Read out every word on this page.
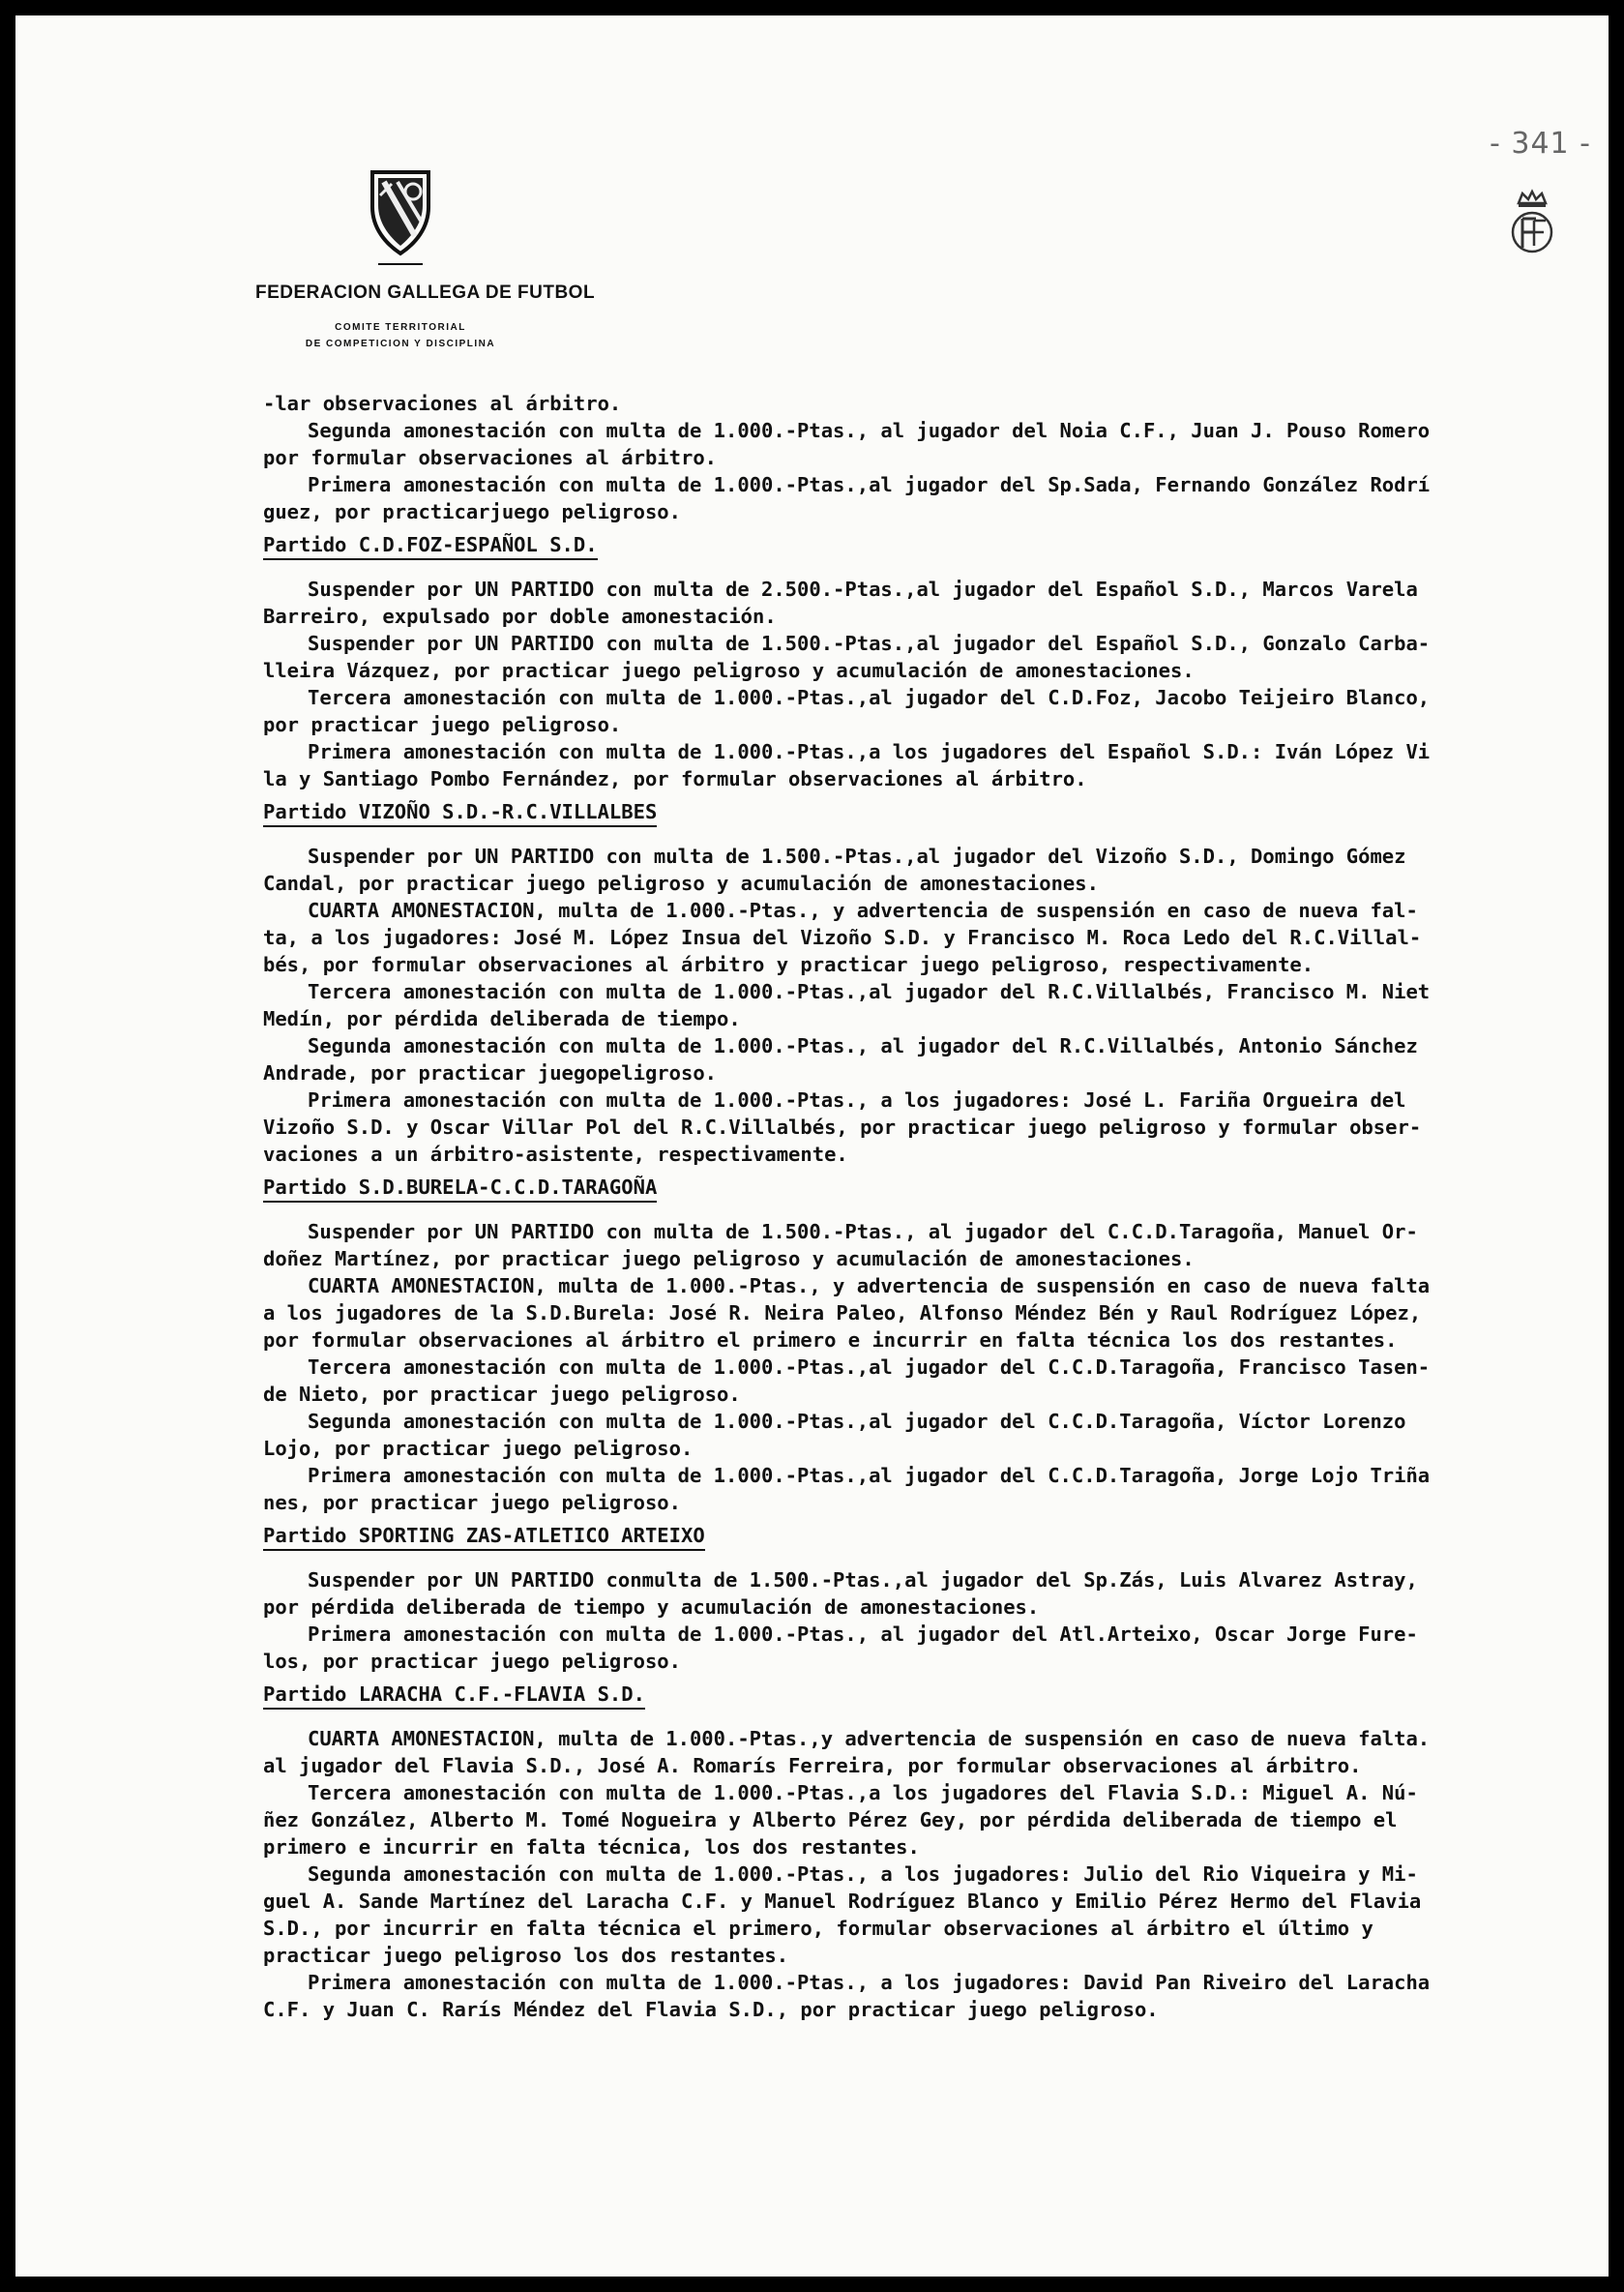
- 341 -
FEDERACION GALLEGA DE FUTBOL
COMITE TERRITORIAL
DE COMPETICION Y DISCIPLINA
-lar observaciones al árbitro.
Segunda amonestación con multa de 1.000.-Ptas., al jugador del Noia C.F., Juan J. Pouso Romero
por formular observaciones al árbitro.
Primera amonestación con multa de 1.000.-Ptas.,al jugador del Sp.Sada, Fernando González Rodrí
guez, por practicarjuego peligroso.
Partido C.D.FOZ-ESPAÑOL S.D.
Suspender por UN PARTIDO con multa de 2.500.-Ptas.,al jugador del Español S.D., Marcos Varela
Barreiro, expulsado por doble amonestación.
Suspender por UN PARTIDO con multa de 1.500.-Ptas.,al jugador del Español S.D., Gonzalo Carba-
lleira Vázquez, por practicar juego peligroso y acumulación de amonestaciones.
Tercera amonestación con multa de 1.000.-Ptas.,al jugador del C.D.Foz, Jacobo Teijeiro Blanco,
por practicar juego peligroso.
Primera amonestación con multa de 1.000.-Ptas.,a los jugadores del Español S.D.: Iván López Vi
la y Santiago Pombo Fernández, por formular observaciones al árbitro.
Partido VIZOÑO S.D.-R.C.VILLALBES
Suspender por UN PARTIDO con multa de 1.500.-Ptas.,al jugador del Vizoño S.D., Domingo Gómez
Candal, por practicar juego peligroso y acumulación de amonestaciones.
CUARTA AMONESTACION, multa de 1.000.-Ptas., y advertencia de suspensión en caso de nueva fal-
ta, a los jugadores: José M. López Insua del Vizoño S.D. y Francisco M. Roca Ledo del R.C.Villal-
bés, por formular observaciones al árbitro y practicar juego peligroso, respectivamente.
Tercera amonestación con multa de 1.000.-Ptas.,al jugador del R.C.Villalbés, Francisco M. Niet
Medín, por pérdida deliberada de tiempo.
Segunda amonestación con multa de 1.000.-Ptas., al jugador del R.C.Villalbés, Antonio Sánchez
Andrade, por practicar juegopeligroso.
Primera amonestación con multa de 1.000.-Ptas., a los jugadores: José L. Fariña Orgueira del
Vizoño S.D. y Oscar Villar Pol del R.C.Villalbés, por practicar juego peligroso y formular obser-
vaciones a un árbitro-asistente, respectivamente.
Partido S.D.BURELA-C.C.D.TARAGOÑA
Suspender por UN PARTIDO con multa de 1.500.-Ptas., al jugador del C.C.D.Taragoña, Manuel Or-
doñez Martínez, por practicar juego peligroso y acumulación de amonestaciones.
CUARTA AMONESTACION, multa de 1.000.-Ptas., y advertencia de suspensión en caso de nueva falta
a los jugadores de la S.D.Burela: José R. Neira Paleo, Alfonso Méndez Bén y Raul Rodríguez López,
por formular observaciones al árbitro el primero e incurrir en falta técnica los dos restantes.
Tercera amonestación con multa de 1.000.-Ptas.,al jugador del C.C.D.Taragoña, Francisco Tasen-
de Nieto, por practicar juego peligroso.
Segunda amonestación con multa de 1.000.-Ptas.,al jugador del C.C.D.Taragoña, Víctor Lorenzo
Lojo, por practicar juego peligroso.
Primera amonestación con multa de 1.000.-Ptas.,al jugador del C.C.D.Taragoña, Jorge Lojo Triña
nes, por practicar juego peligroso.
Partido SPORTING ZAS-ATLETICO ARTEIXO
Suspender por UN PARTIDO conmulta de 1.500.-Ptas.,al jugador del Sp.Zás, Luis Alvarez Astray,
por pérdida deliberada de tiempo y acumulación de amonestaciones.
Primera amonestación con multa de 1.000.-Ptas., al jugador del Atl.Arteixo, Oscar Jorge Fure-
los, por practicar juego peligroso.
Partido LARACHA C.F.-FLAVIA S.D.
CUARTA AMONESTACION, multa de 1.000.-Ptas.,y advertencia de suspensión en caso de nueva falta.
al jugador del Flavia S.D., José A. Romarís Ferreira, por formular observaciones al árbitro.
Tercera amonestación con multa de 1.000.-Ptas.,a los jugadores del Flavia S.D.: Miguel A. Nú-
ñez González, Alberto M. Tomé Nogueira y Alberto Pérez Gey, por pérdida deliberada de tiempo el
primero e incurrir en falta técnica, los dos restantes.
Segunda amonestación con multa de 1.000.-Ptas., a los jugadores: Julio del Rio Viqueira y Mi-
guel A. Sande Martínez del Laracha C.F. y Manuel Rodríguez Blanco y Emilio Pérez Hermo del Flavia
S.D., por incurrir en falta técnica el primero, formular observaciones al árbitro el último y
practicar juego peligroso los dos restantes.
Primera amonestación con multa de 1.000.-Ptas., a los jugadores: David Pan Riveiro del Laracha
C.F. y Juan C. Rarís Méndez del Flavia S.D., por practicar juego peligroso.
